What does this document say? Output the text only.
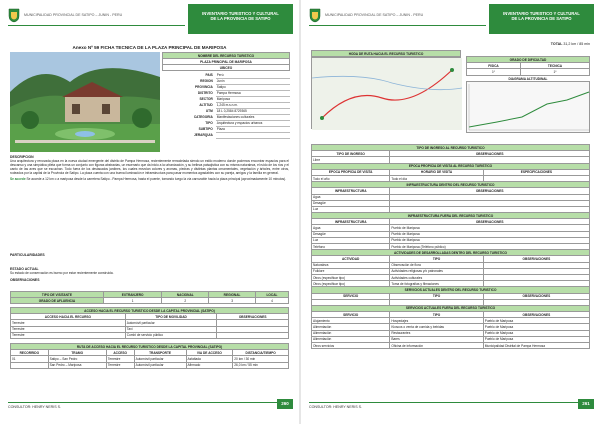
MUNICIPALIDAD PROVINCIAL DE SATIPO – JUNIN - PERU	INVENTARIO TURISTICO Y CULTURAL
DE LA PROVINCIA DE SATIPO
Anexo Nº 59 FICHA TECNICA DE LA PLAZA PRINCIPAL DE MARIPOSA
NOMBRE DEL RECURSO TURISTICO
PLAZA PRINCIPAL DE MARIPOSA
UBICEO
PAIS	Perú
REGION	Junín
PROVINCIA	Satipo
DISTRITO	Pampa Hermosa
SECTOR	Mariposa
ALTITUD	1,245 m.s.n.m.
UTM	18 L 0,2584 8729365
CATEGORIA	Manifestaciones culturales
TIPO	Arquitectura y espacios urbanos
SUBTIPO	Plaza
JERARQUIA	
DESCRIPCION
Una arquitectura y renovada plaza en la nueva ciudad emergente del distrito de Pampa Hermosa, recientemente remodelada siendo un estilo moderno donde podemos encontrar espacios para el descanso y una simpática pileta que forma un conjunto con figuras abstractas, un escenario que da inicio a la urbanización, y su belleza paisajística con su misma naturaleza, el ruido de los ríos y el canto de las aves que se escuchan. Todo fuera de los destacados jardines, los cuales mezclan colores y aromas, piedras y distintas plantas ornamentales, vegetación y árboles, entre otros, rodeados por la capital de la Provincia de Satipo. La plaza cuenta con una buena iluminación e infraestructura para pasar momentos agradables con su pareja, amigos y la familia en general.
Se accede Se accede a 12 km o a mariposa desde la carretera Satipo - Pampa Hermosa, hasta el puente, tomando luego la vía carrozable hacia la plaza principal (aproximadamente 10 minutos).
PARTICULARIDADES
ESTADO ACTUAL
Su estado de conservación es bueno por estar recientemente construida.
OBSERVACIONES
TIPO DE VISITANTE	EXTRANJERO	NACIONAL	REGIONAL	LOCAL
GRADO DE AFLUENCIA	1	2	3	4
ACCESO HACIA EL RECURSO TURISTICO DESDE LA CAPITAL PROVINCIAL (SATIPO)		
ACCESO HACIA EL RECURSO	TIPO DE MOVILIDAD	OBSERVACIONES
Terrestre	Automóvil particular	
Terrestre	Taxi	
Terrestre	Combi de servicio público	
RUTA DE ACCESO HACIA EL RECURSO TURISTICO DESDE LA CAPITAL PROVINCIAL (SATIPO)					
RECORRIDO	TRAMO	ACCESO	TRANSPORTE	VIA DE ACCESO	DISTANCIA/TIEMPO
01	Satipo – San Pedro	Terrestre	Automóvil particular	Asfaltada	20 km / 30 min
	San Pedro – Mariposa	Terrestre	Automóvil particular	Afirmado	26,0 km / 55 min
CONSULTOR: HENRY NERIS S.
260
MUNICIPALIDAD PROVINCIAL DE SATIPO – JUNIN - PERU	INVENTARIO TURISTICO Y CULTURAL
DE LA PROVINCIA DE SATIPO
TOTAL 31,2 km / 85 min
HODA DE RUTA HACIA EL RECURSO TURISTICO
GRADO DE DIFICULTAD	
FISICA	TECNICA
1º	1º
DIAGRAMA ALTITUDINAL
TIPO DE INGRESO AL RECURSO TURISTICO		
TIPO DE INGRESO	OBSERVACIONES	
Libre		
EPOCA PROPICIA DE VISITA AL RECURSO TURISTICO		
EPOCA PROPICIA DE VISITA	HORARIO DE VISITA	ESPECIFICACIONES
Todo el año	Todo el día	
INFRAESTRUCTURA DENTRO DEL RECURSO TURISTICO		
INFRAESTRUCTURA	OBSERVACIONES	
Agua		
Desagüe		
Luz		
INFRAESTRUCTURA FUERA DEL RECURSO TURISTICO		
INFRAESTRUCTURA	OBSERVACIONES	
Agua	Pueblo de Mariposa	
Desagüe	Pueblo de Mariposa	
Luz	Pueblo de Mariposa	
Teléfono	Pueblo de Mariposa (Teléfono público)	
ACTIVIDADES DE DESARROLLADAS DENTRO DEL RECURSO TURISTICO		
ACTIVIDAD	TIPO	OBSERVACIONES
Naturaleza	Observación de flora	
Folklore	Actividades religiosas y/o patronales	
Otros (especificar tipo)	Actividades culturales	
Otros (especificar tipo)	Toma de fotografías y filmaciones	
SERVICIOS ACTUALES DENTRO DEL RECURSO TURISTICO		
SERVICIO	TIPO	OBSERVACIONES

SERVICIOS ACTUALES FUERA DEL RECURSO TURISTICO		
SERVICIO	TIPO	OBSERVACIONES
Alojamiento	Hospedajes	Pueblo de Mariposa
Alimentación	Kioscos o venta de comida y bebidas	Pueblo de Mariposa
Alimentación	Restaurantes	Pueblo de Mariposa
Alimentación	Bares	Pueblo de Mariposa
Otros servicios	Oficina de información	Municipalidad Distrital de Pampa Hermosa
CONSULTOR: HENRY NERIS S.
261
